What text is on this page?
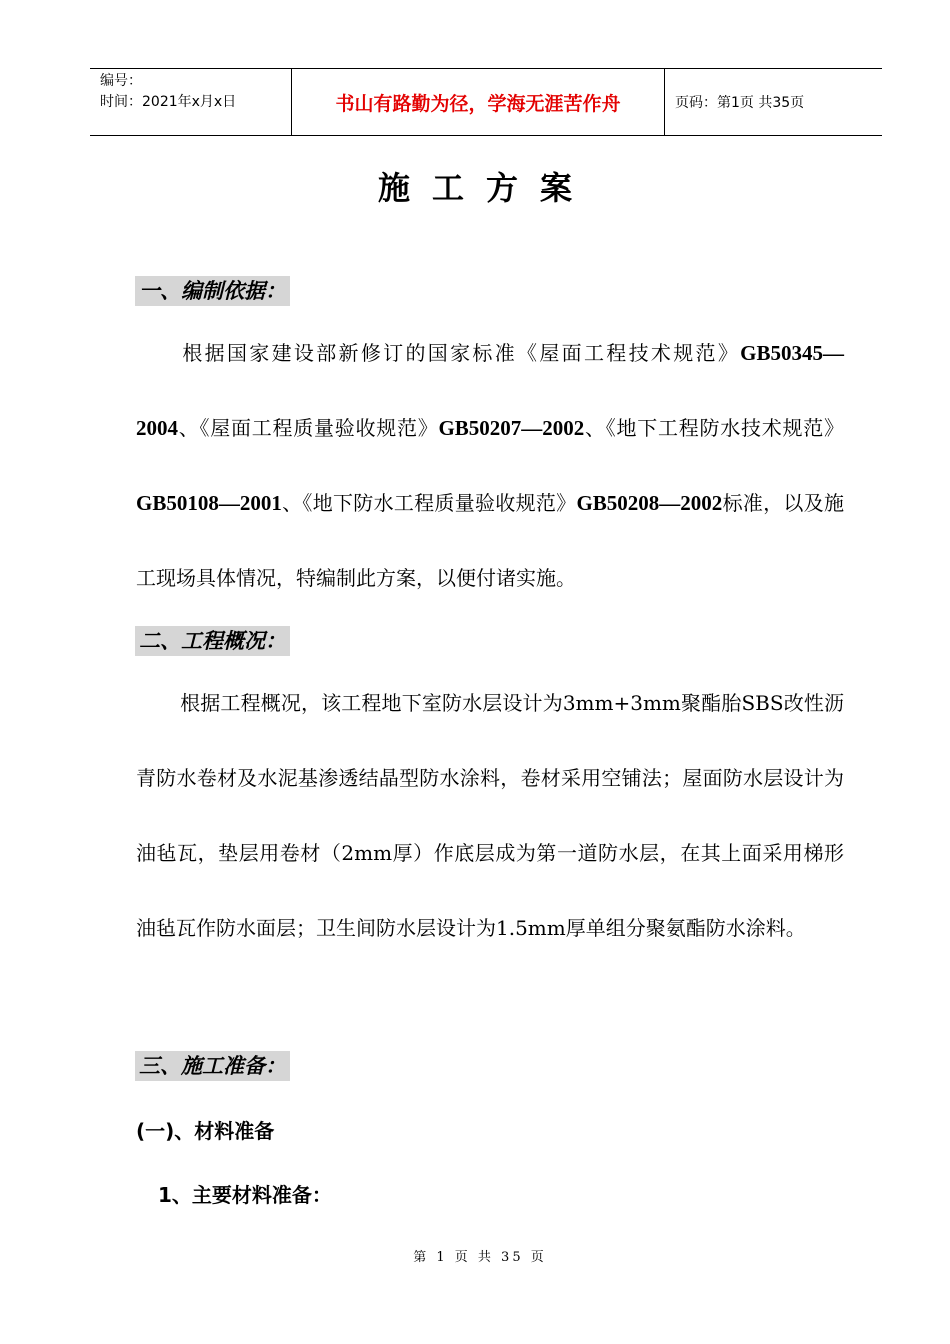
编号：
时间：2021年x月x日	书山有路勤为径，学海无涯苦作舟	页码：第1页 共35页
施工方案
一、编制依据：
根据国家建设部新修订的国家标准《屋面工程技术规范》GB50345—2004、《屋面工程质量验收规范》GB50207—2002、《地下工程防水技术规范》GB50108—2001、《地下防水工程质量验收规范》GB50208—2002标准，以及施工现场具体情况，特编制此方案，以便付诸实施。
二、工程概况：
根据工程概况，该工程地下室防水层设计为3mm+3mm聚酯胎SBS改性沥青防水卷材及水泥基渗透结晶型防水涂料，卷材采用空铺法；屋面防水层设计为油毡瓦，垫层用卷材（2mm厚）作底层成为第一道防水层，在其上面采用梯形油毡瓦作防水面层；卫生间防水层设计为1.5mm厚单组分聚氨酯防水涂料。
三、施工准备：
(一)、材料准备
1、主要材料准备：
第 1 页 共 35 页
